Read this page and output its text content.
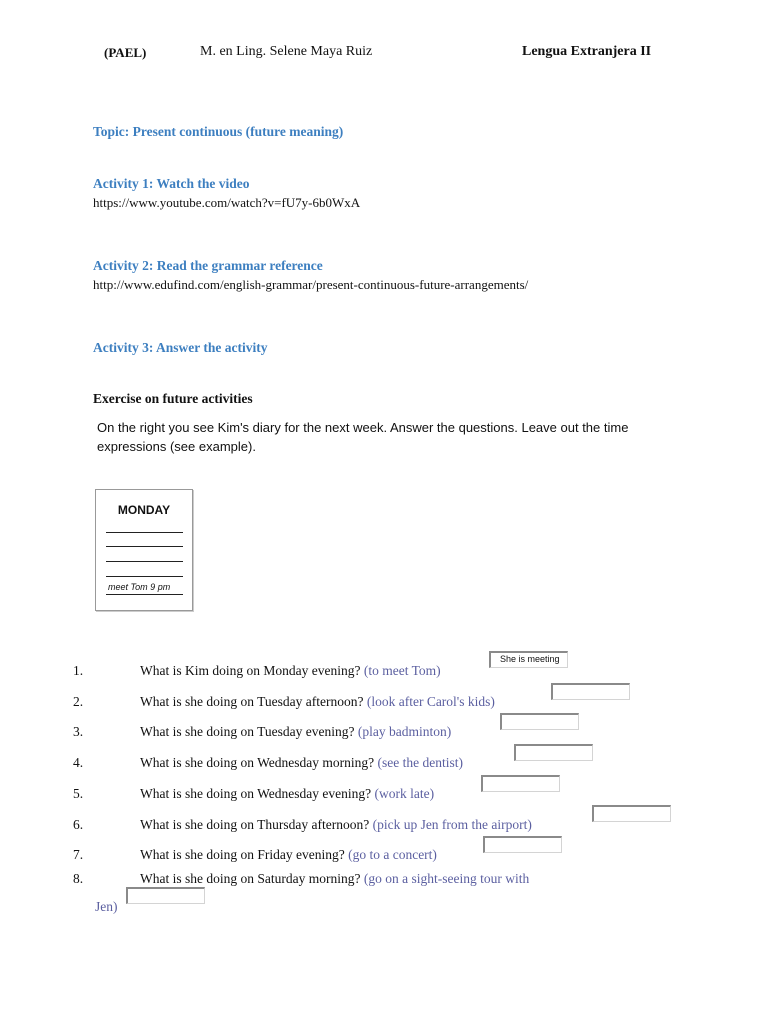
(PAEL)	M. en Ling. Selene Maya Ruiz	Lengua Extranjera II
Topic: Present continuous (future meaning)
Activity 1: Watch the video
https://www.youtube.com/watch?v=fU7y-6b0WxA
Activity 2: Read the grammar reference
http://www.edufind.com/english-grammar/present-continuous-future-arrangements/
Activity 3: Answer the activity
Exercise on future activities
On the right you see Kim's diary for the next week. Answer the questions. Leave out the time expressions (see example).
MONDAY
meet Tom 9 pm
1.	What is Kim doing on Monday evening? (to meet Tom)
She is meeting
2.	What is she doing on Tuesday afternoon? (look after Carol's kids)
3.	What is she doing on Tuesday evening? (play badminton)
4.	What is she doing on Wednesday morning? (see the dentist)
5.	What is she doing on Wednesday evening? (work late)
6.	What is she doing on Thursday afternoon? (pick up Jen from the airport)
7.	What is she doing on Friday evening? (go to a concert)
8.	What is she doing on Saturday morning? (go on a sight-seeing tour with
Jen)
